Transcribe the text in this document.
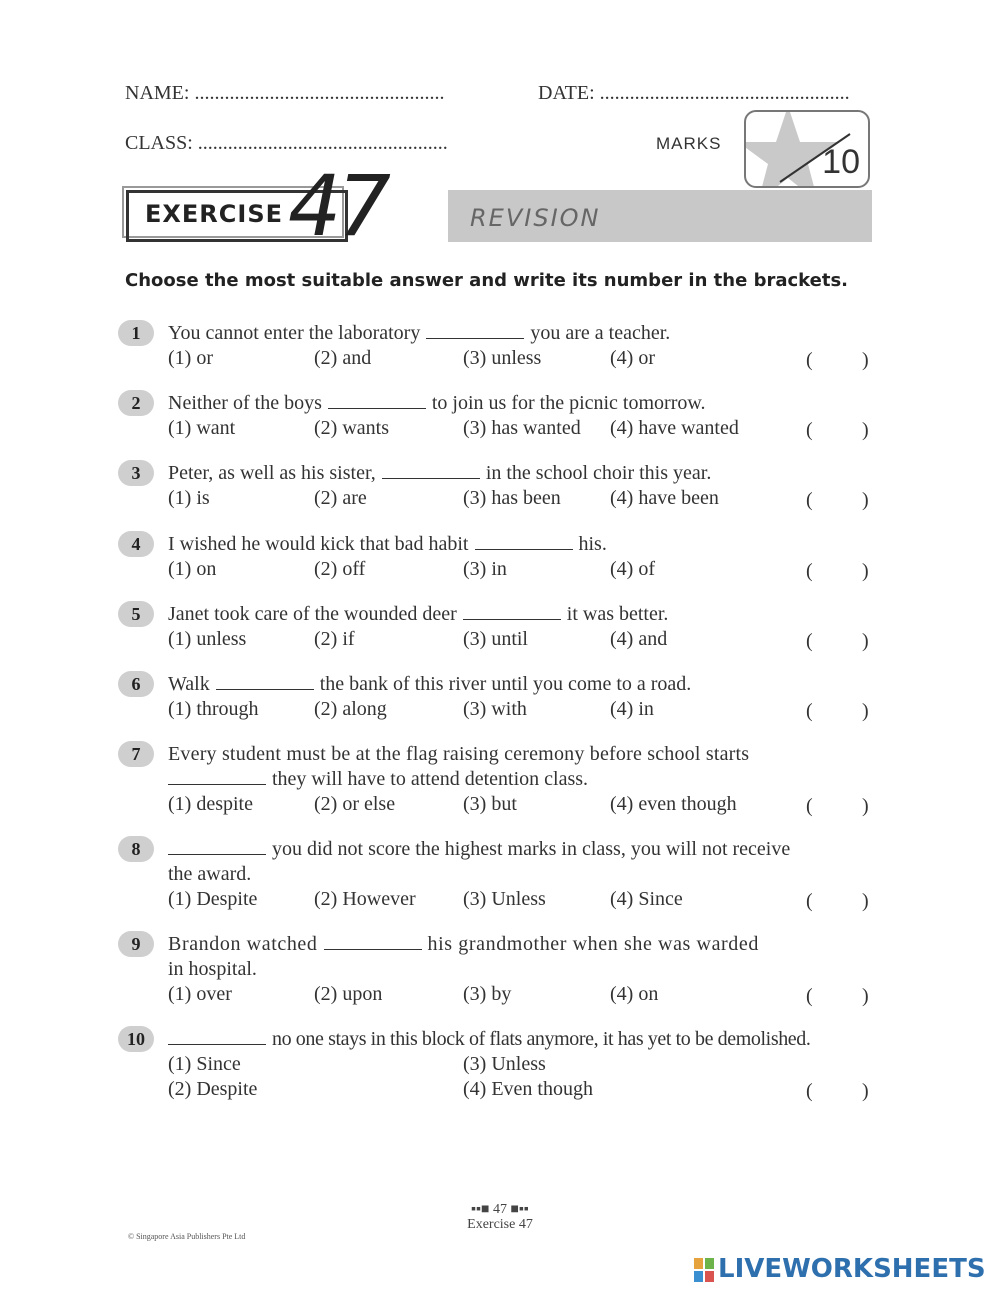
NAME: ..................................................	DATE: ..................................................
CLASS: ..................................................	MARKS	10
EXERCISE 47	REVISION
Choose the most suitable answer and write its number in the brackets.
1	You cannot enter the laboratory	you are a teacher.
(1) or	(2) and	(3) unless	(4) or	( )
2	Neither of the boys	to join us for the picnic tomorrow.
(1) want	(2) wants	(3) has wanted (4) have wanted	( )
3	Peter, as well as his sister,	in the school choir this year.
(1) is	(2) are	(3) has been (4) have been	( )
4	I wished he would kick that bad habit	his.
(1) on	(2) off	(3) in	(4) of	( )
5	Janet took care of the wounded deer	it was better.
(1) unless	(2) if	(3) until	(4) and	( )
6	Walk	the bank of this river until you come to a road.
(1) through	(2) along	(3) with	(4) in	( )
7	Every student must be at the flag raising ceremony before school starts
they will have to attend detention class.
(1) despite	(2) or else	(3) but	(4) even though	( )
8	you did not score the highest marks in class, you will not receive
the award.
(1) Despite	(2) However (3) Unless	(4) Since	( )
9	Brandon watched	his grandmother when she was warded
in hospital.
(1) over	(2) upon	(3) by	(4) on	( )
10	no one stays in this block of flats anymore, it has yet to be demolished.
(1) Since	(3) Unless
(2) Despite	(4) Even though	( )
▪▪■ 47 ■▪▪
Exercise 47
© Singapore Asia Publishers Pte Ltd
LIVEWORKSHEETS
